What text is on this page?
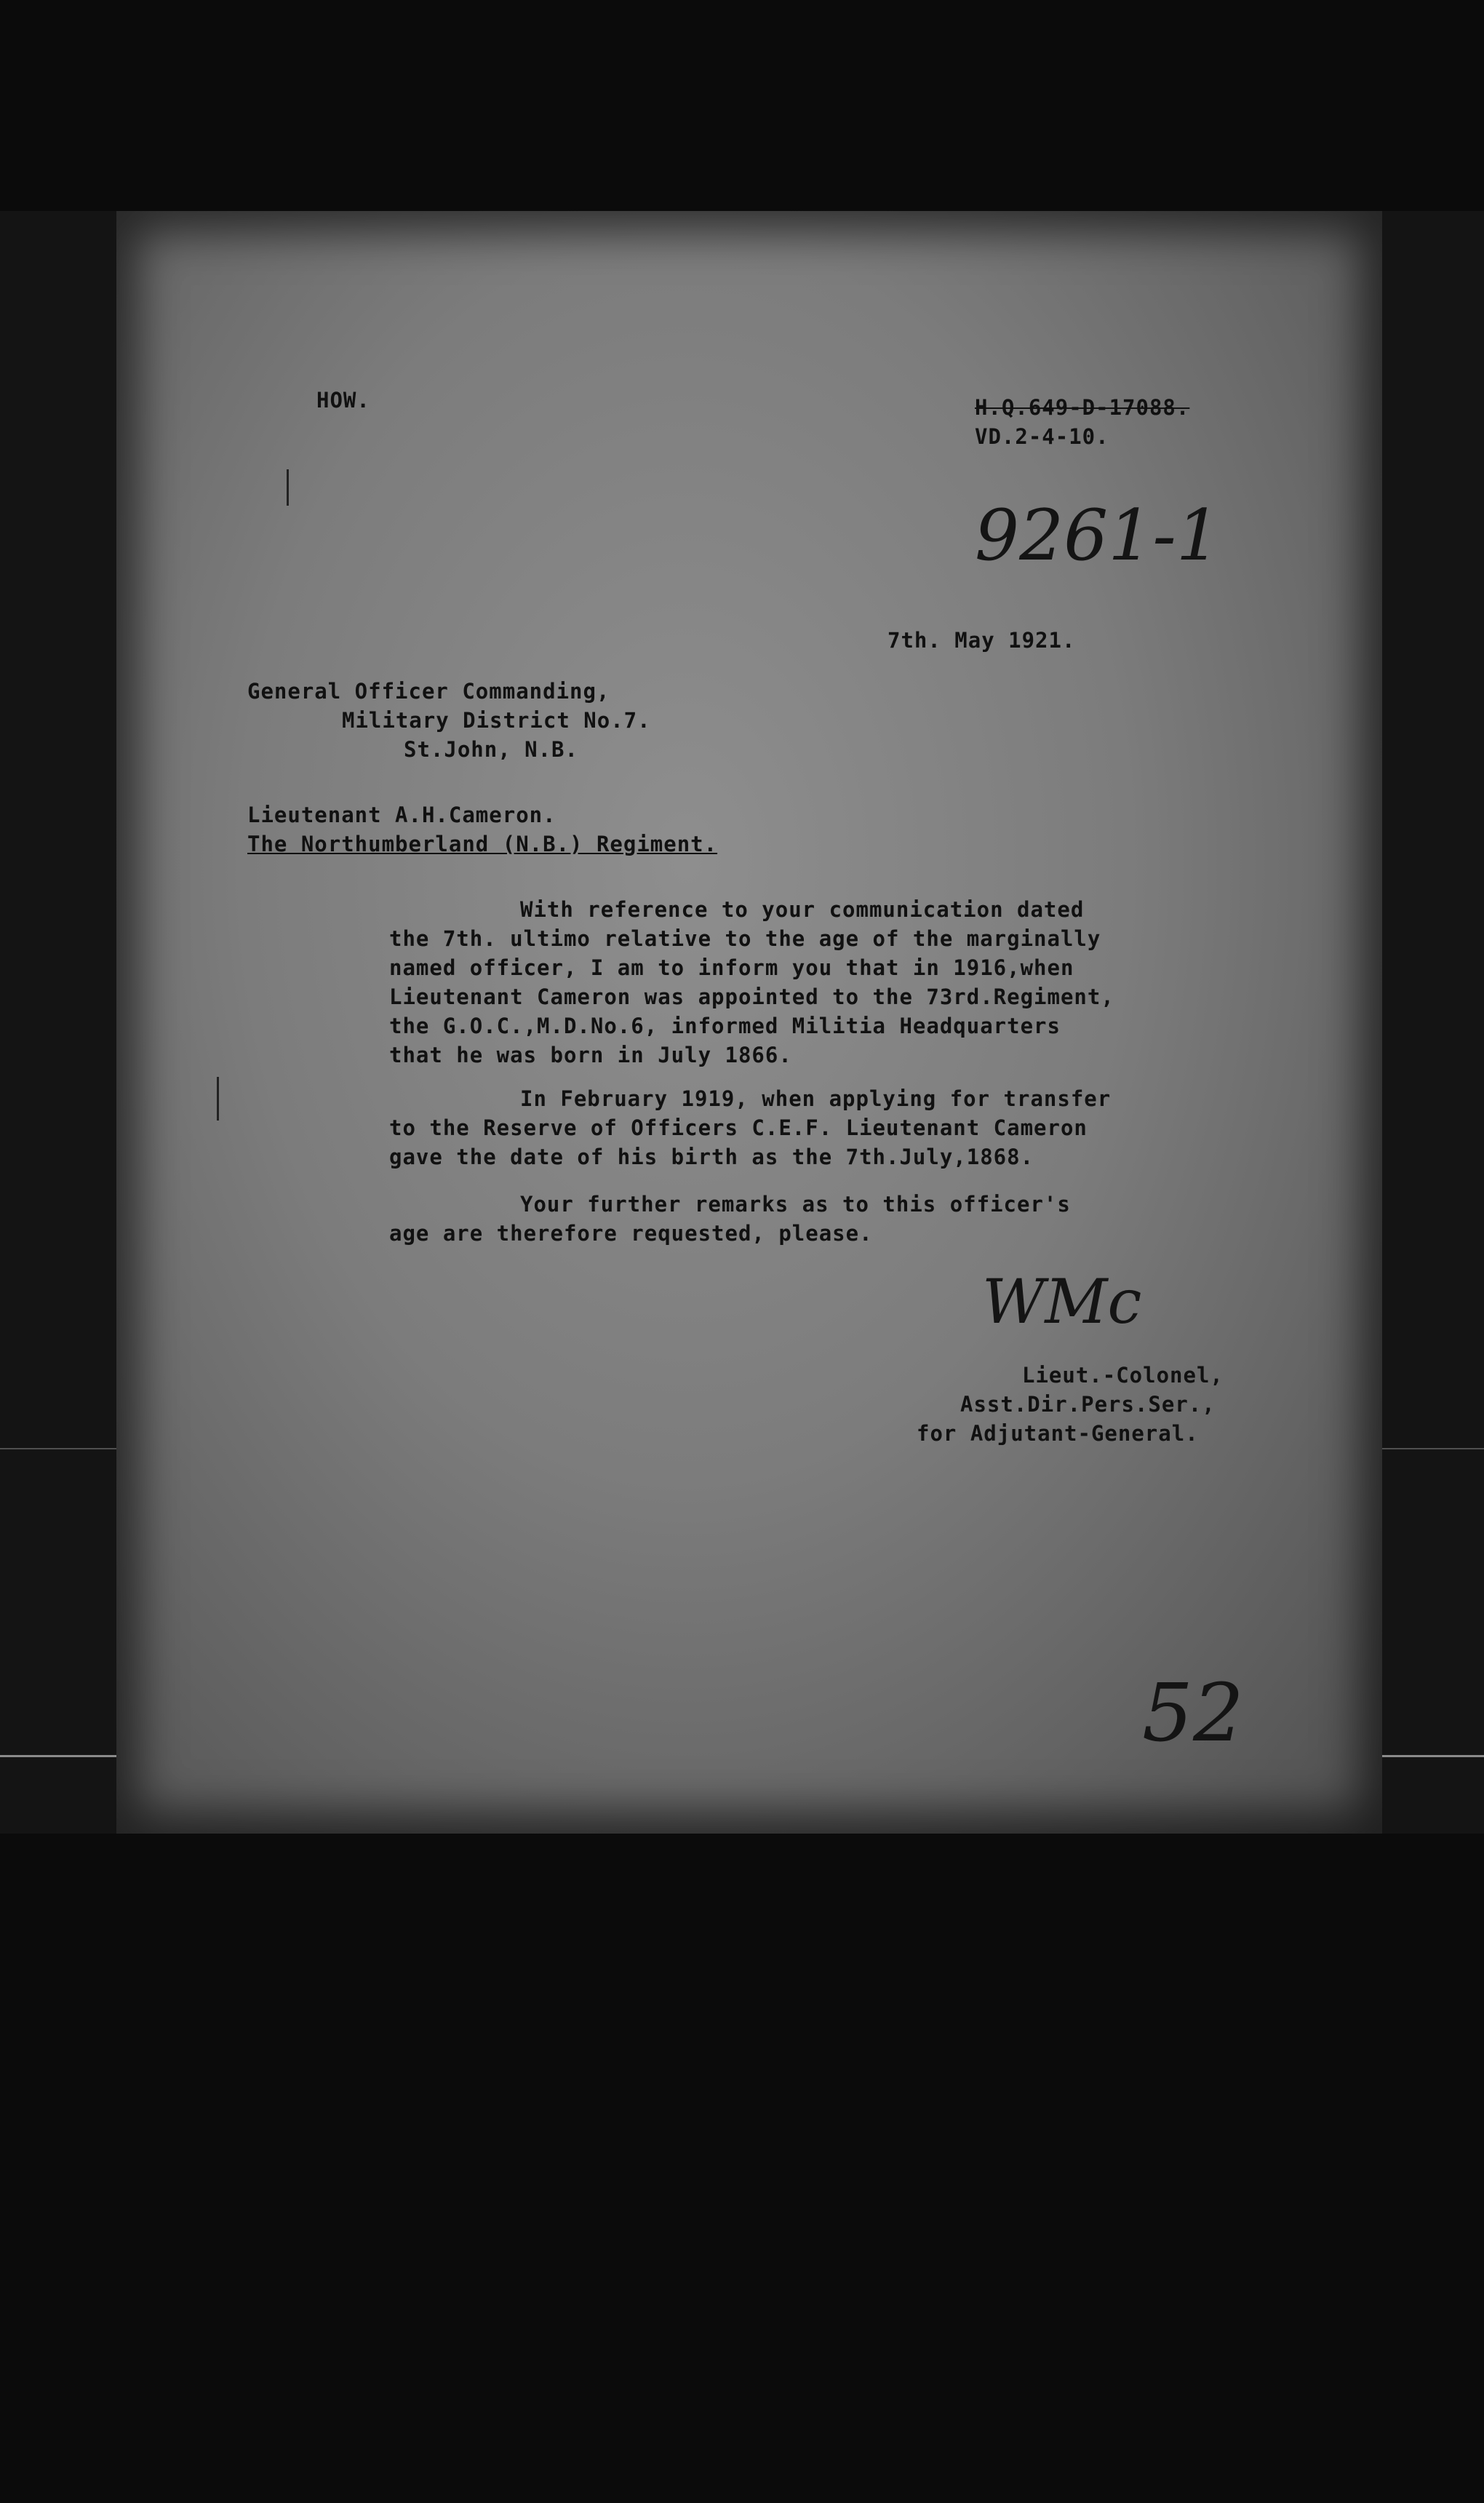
HOW.	H.Q.649-D-17088.
VD.2-4-10.
9261-1
7th. May 1921.
General Officer Commanding,
Military District No.7.
St.John, N.B.
Lieutenant A.H.Cameron.
The Northumberland (N.B.) Regiment.
With reference to your communication dated
the 7th. ultimo relative to the age of the marginally
named officer, I am to inform you that in 1916,when
Lieutenant Cameron was appointed to the 73rd.Regiment,
the G.O.C.,M.D.No.6, informed Militia Headquarters
that he was born in July 1866.
In February 1919, when applying for transfer
to the Reserve of Officers C.E.F. Lieutenant Cameron
gave the date of his birth as the 7th.July,1868.
Your further remarks as to this officer's
age are therefore requested, please.
WMc
Lieut.-Colonel,
Asst.Dir.Pers.Ser.,
for Adjutant-General.
52
